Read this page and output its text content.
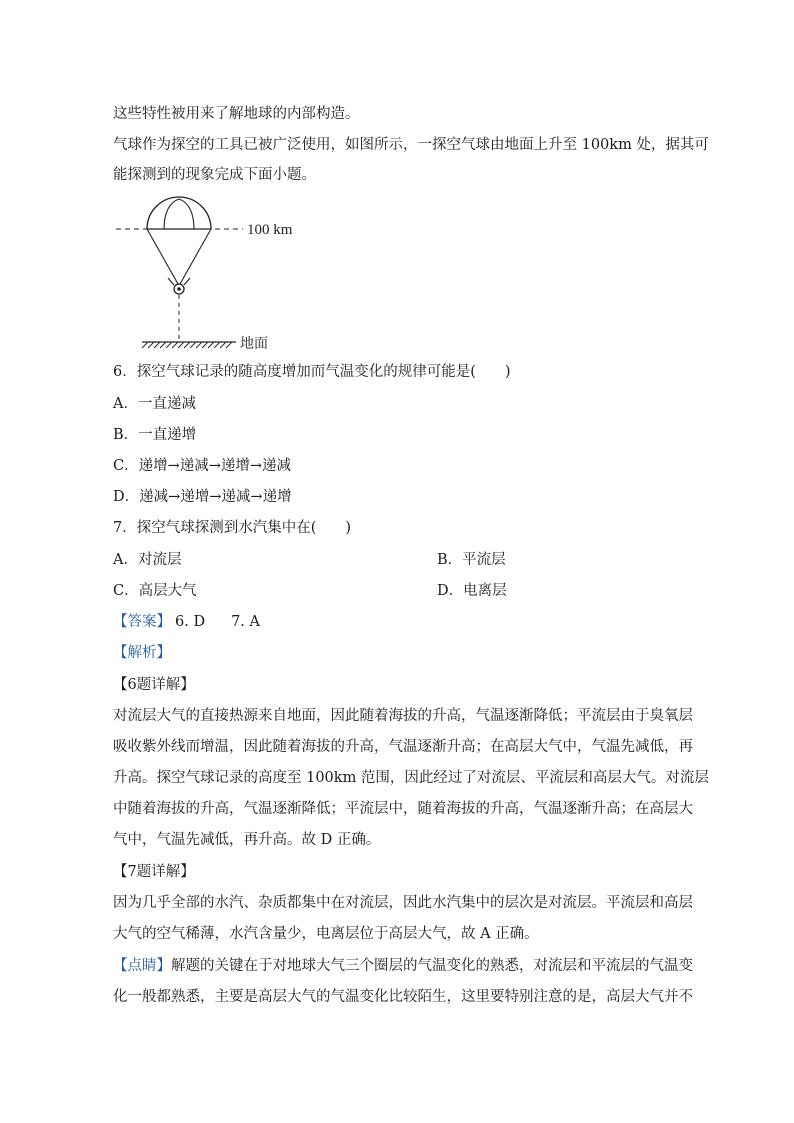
这些特性被用来了解地球的内部构造。
气球作为探空的工具已被广泛使用，如图所示，一探空气球由地面上升至 100km 处，据其可
能探测到的现象完成下面小题。
100 km
地面
6．探空气球记录的随高度增加而气温变化的规律可能是(　　)
A．一直递减
B．一直递增
C．递增→递减→递增→递减
D．递减→递增→递减→递增
7．探空气球探测到水汽集中在(　　)
A．对流层	B．平流层
C．高层大气	D．电离层
【答案】 6. D 7. A
【解析】
【6题详解】
对流层大气的直接热源来自地面，因此随着海拔的升高，气温逐渐降低；平流层由于臭氧层
吸收紫外线而增温，因此随着海拔的升高，气温逐渐升高；在高层大气中，气温先减低，再
升高。探空气球记录的高度至 100km 范围，因此经过了对流层、平流层和高层大气。对流层
中随着海拔的升高，气温逐渐降低；平流层中，随着海拔的升高，气温逐渐升高；在高层大
气中，气温先减低，再升高。故 D 正确。
【7题详解】
因为几乎全部的水汽、杂质都集中在对流层，因此水汽集中的层次是对流层。平流层和高层
大气的空气稀薄，水汽含量少，电离层位于高层大气，故 A 正确。
【点睛】解题的关键在于对地球大气三个圈层的气温变化的熟悉，对流层和平流层的气温变
化一般都熟悉，主要是高层大气的气温变化比较陌生，这里要特别注意的是，高层大气并不
